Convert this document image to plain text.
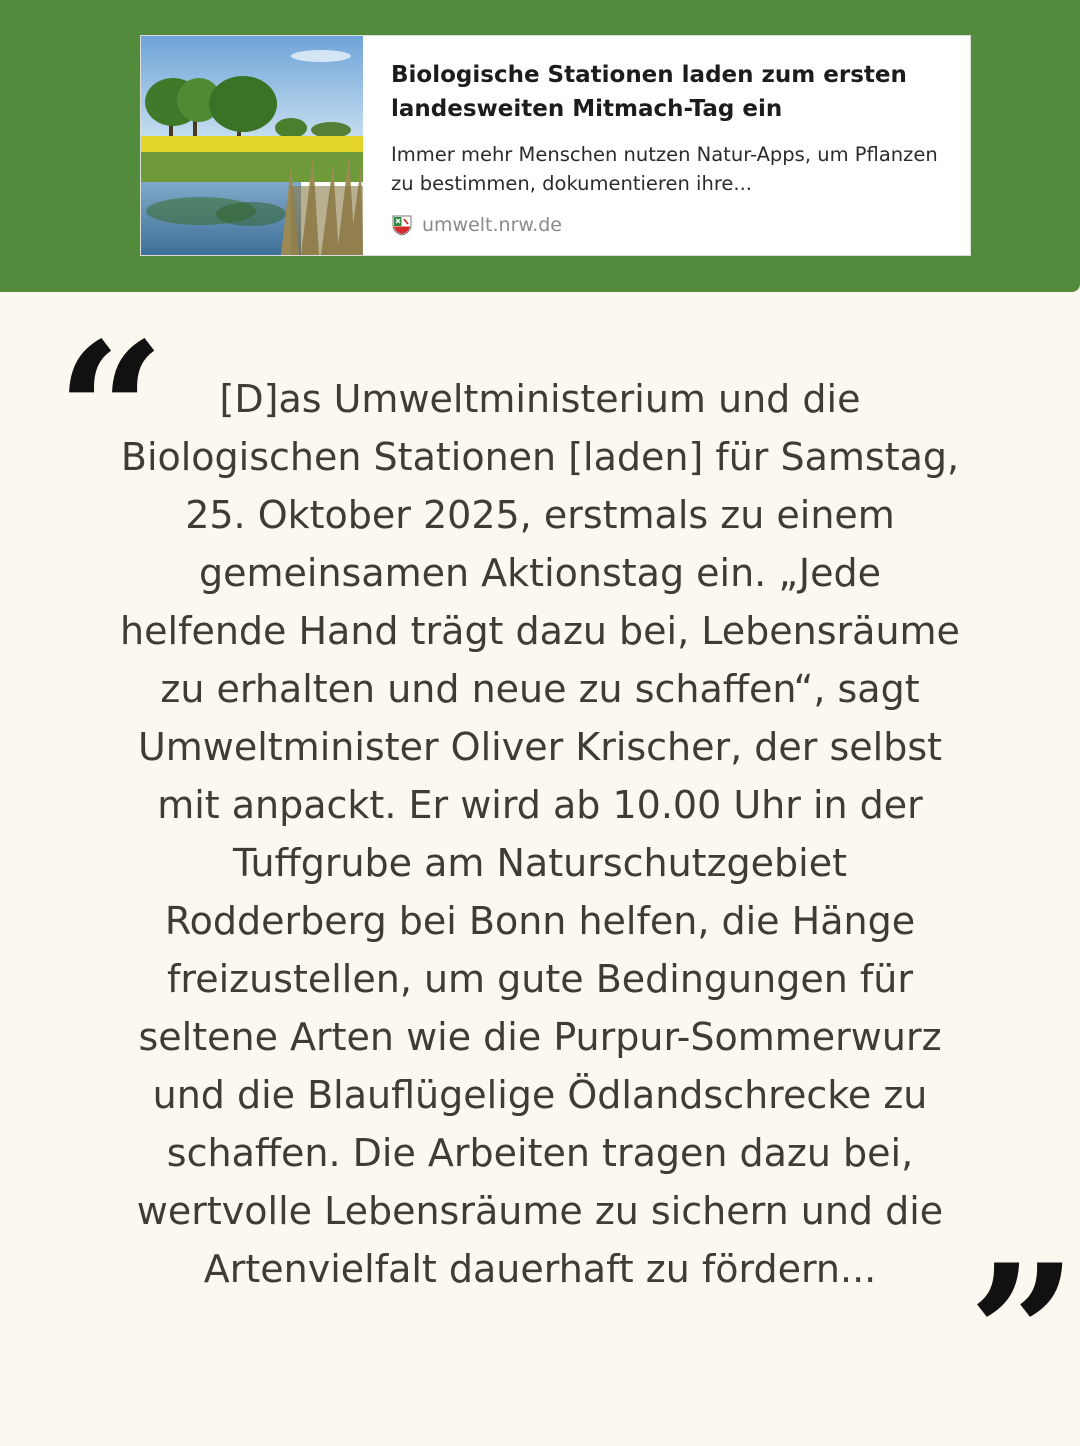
Biologische Stationen laden zum ersten landesweiten Mitmach-Tag ein

Immer mehr Menschen nutzen Natur-Apps, um Pflanzen zu bestimmen, dokumentieren ihre...

umwelt.nrw.de
“	[D]as Umweltministerium und die
Biologischen Stationen [laden] für Samstag,
25. Oktober 2025, erstmals zu einem
gemeinsamen Aktionstag ein. „Jede
helfende Hand trägt dazu bei, Lebensräume
zu erhalten und neue zu schaffen“, sagt
Umweltminister Oliver Krischer, der selbst
mit anpackt. Er wird ab 10.00 Uhr in der
Tuffgrube am Naturschutzgebiet
Rodderberg bei Bonn helfen, die Hänge
freizustellen, um gute Bedingungen für
seltene Arten wie die Purpur-Sommerwurz
und die Blauflügelige Ödlandschrecke zu
schaffen. Die Arbeiten tragen dazu bei,
wertvolle Lebensräume zu sichern und die
Artenvielfalt dauerhaft zu fördern... ”
